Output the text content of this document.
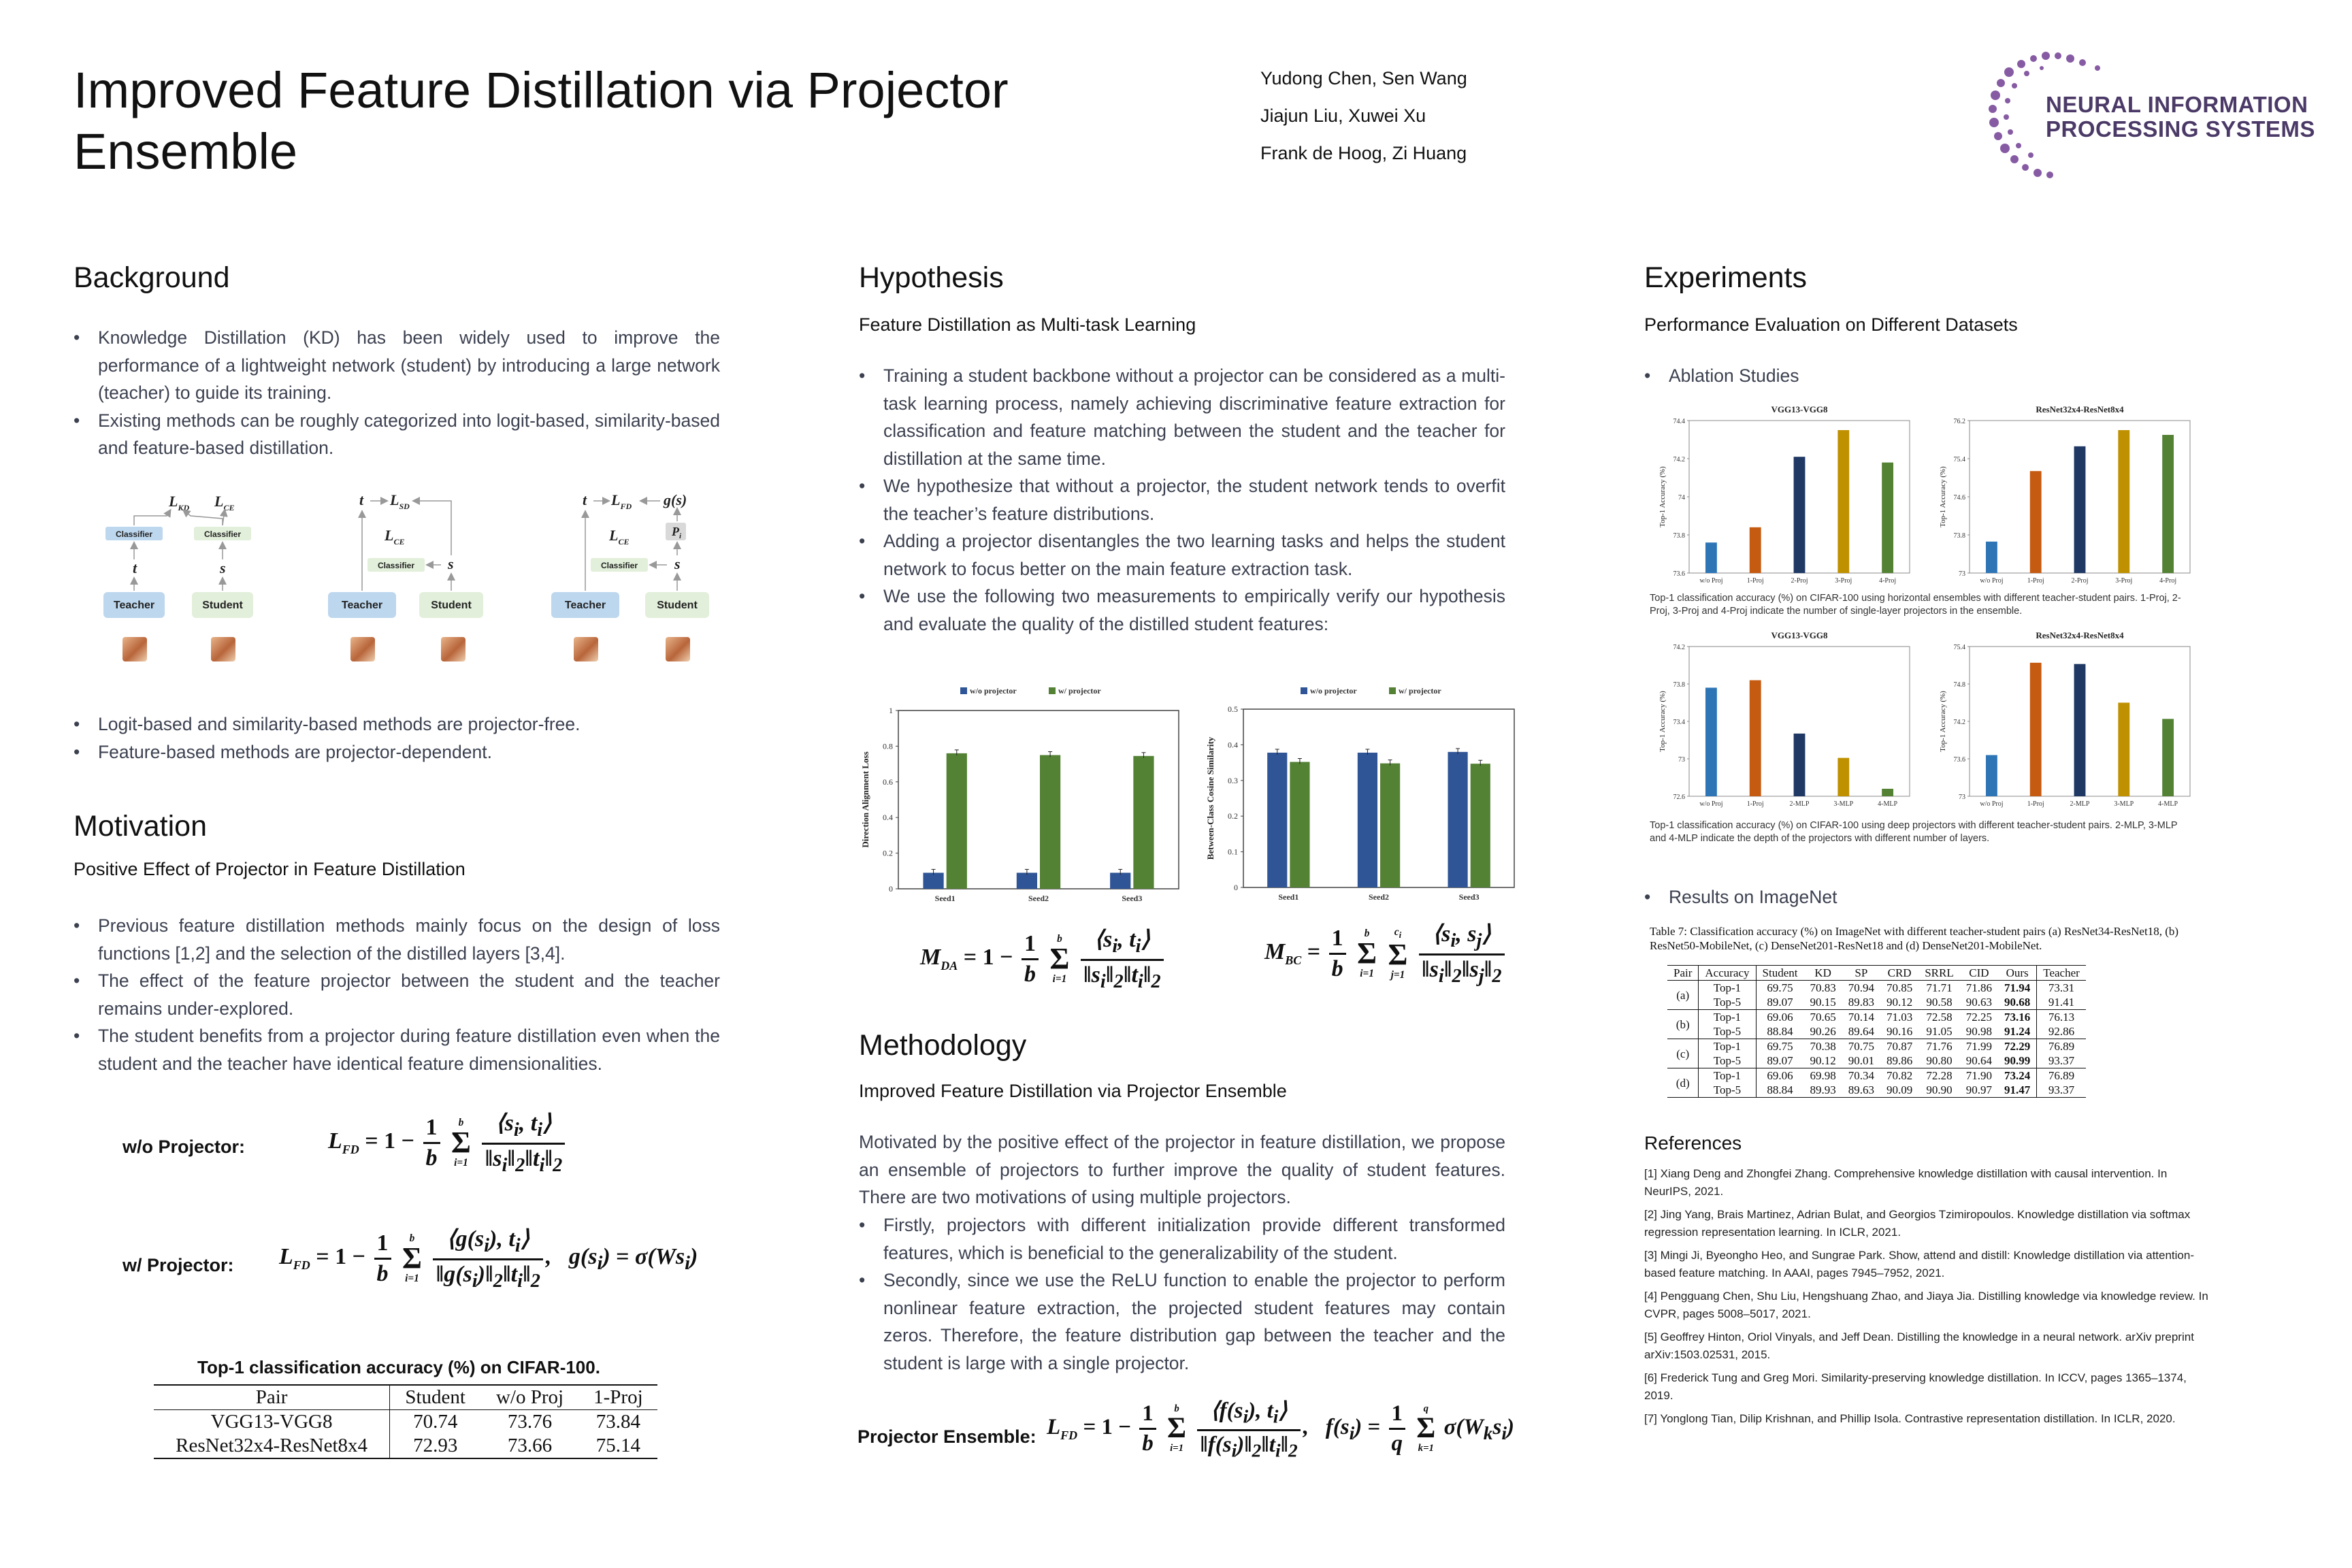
Improved Feature Distillation via Projector Ensemble
Yudong Chen, Sen Wang
Jiajun Liu, Xuwei Xu
Frank de Hoog, Zi Huang
NEURAL INFORMATION
PROCESSING SYSTEMS
Background
• Knowledge Distillation (KD) has been widely used to improve the performance of a lightweight network (student) by introducing a large network (teacher) to guide its training.
• Existing methods can be roughly categorized into logit-based, similarity-based and feature-based distillation.
Teacher	Student
Classifier	Classifier
t	s
$L_{KD}$ $L_{CE}$
Teacher	Student
Classifier
t
s
$L_{SD}$
$L_{CE}$
Teacher	Student
Classifier
$P_i$
t
s
$L_{FD}$ g(s)
$L_{CE}$
• Logit-based and similarity-based methods are projector-free.
• Feature-based methods are projector-dependent.
Motivation
Positive Effect of Projector in Feature Distillation
• Previous feature distillation methods mainly focus on the design of loss functions [1,2] and the selection of the distilled layers [3,4].
• The effect of the feature projector between the student and the teacher remains under-explored.
• The student benefits from a projector during feature distillation even when the student and the teacher have identical feature dimensionalities.
w/o Projector:	$L_{FD} = 1 - \frac{1}{b}$
	b
Σ
i=1
$\frac{⟨s_i, t_i⟩}{‖s_i‖_2‖t_i‖_2}$
w/ Projector: $L_{FD} = 1 - \frac{1}{b}$
	b
Σ
i=1
$\frac{⟨g(s_i), t_i⟩}{‖g(s_i)‖_2‖t_i‖_2}$ ,   $g(s_i) = \sigma(Ws_i)$
Top-1 classification accuracy (%) on CIFAR-100.
Pair	Student	w/o Proj	1-Proj
VGG13-VGG8	70.74	73.76	73.84
ResNet32x4-ResNet8x4	72.93	73.66	75.14
Hypothesis
Feature Distillation as Multi-task Learning
• Training a student backbone without a projector can be considered as a multi-task learning process, namely achieving discriminative feature extraction for classification and feature matching between the student and the teacher for distillation at the same time.
• We hypothesize that without a projector, the student network tends to overfit the teacher’s feature distributions.
• Adding a projector disentangles the two learning tasks and helps the student network to focus better on the main feature extraction task.
• We use the following two measurements to empirically verify our hypothesis and evaluate the quality of the distilled student features:
0
0.2
0.4
0.6
0.8
1
Direction Alignment Loss
w/o projector	w/ projector
Seed1	Seed2	Seed3
0
0.1
0.2
0.3
0.4
0.5
Between-Class Cosine Similarity
w/o projector	w/ projector
Seed1	Seed2	Seed3
$M_{DA} = 1 - \frac{1}{b}$
	b
Σ
i=1
$\frac{⟨s_i, t_i⟩}{‖s_i‖_2‖t_i‖_2}$	$M_{BC} = \frac{1}{b}$
	b
Σ
i=1

$c_i$
Σ
j=1
$\frac{⟨s_i, s_j⟩}{‖s_i‖_2‖s_j‖_2}$
Methodology
Improved Feature Distillation via Projector Ensemble
Motivated by the positive effect of the projector in feature distillation, we propose an ensemble of projectors to further improve the quality of student features. There are two motivations of using multiple projectors.
• Firstly, projectors with different initialization provide different transformed features, which is beneficial to the generalizability of the student.
• Secondly, since we use the ReLU function to enable the projector to perform nonlinear feature extraction, the projected student features may contain zeros. Therefore, the feature distribution gap between the teacher and the student is large with a single projector.
Projector Ensemble: $L_{FD} = 1 - \frac{1}{b}$
	b
Σ
i=1
$\frac{⟨f(s_i), t_i⟩}{‖f(s_i)‖_2‖t_i‖_2}$ ,   $f(s_i) = \frac{1}{q}$
	q
Σ
k=1
$\sigma(W_ks_i)$
Experiments
Performance Evaluation on Different Datasets
• Ablation Studies
VGG13-VGG8
73.6
73.8
74
74.2
74.4
Top-1 Accuracy (%)
w/o Proj	1-Proj	2-Proj	3-Proj	4-Proj
ResNet32x4-ResNet8x4
73
73.8
74.6
75.4
76.2
Top-1 Accuracy (%)
w/o Proj	1-Proj	2-Proj	3-Proj	4-Proj
Top-1 classification accuracy (%) on CIFAR-100 using horizontal ensembles with different teacher-student pairs. 1-Proj, 2-Proj, 3-Proj and 4-Proj indicate the number of single-layer projectors in the ensemble.
VGG13-VGG8
72.6
73
73.4
73.8
74.2
Top-1 Accuracy (%)
w/o Proj	1-Proj	2-MLP	3-MLP	4-MLP
ResNet32x4-ResNet8x4
73
73.6
74.2
74.8
75.4
Top-1 Accuracy (%)
w/o Proj	1-Proj	2-MLP	3-MLP	4-MLP
Top-1 classification accuracy (%) on CIFAR-100 using deep projectors with different teacher-student pairs. 2-MLP, 3-MLP and 4-MLP indicate the depth of the projectors with different number of layers.
• Results on ImageNet
Table 7: Classification accuracy (%) on ImageNet with different teacher-student pairs (a) ResNet34-ResNet18, (b) ResNet50-MobileNet, (c) DenseNet201-ResNet18 and (d) DenseNet201-MobileNet.
Pair	Accuracy	Student	KD	SP	CRD	SRRL	CID	Ours	Teacher
(a)	Top-1	69.75	70.83	70.94	70.85	71.71	71.86	71.94	73.31
	Top-5	89.07	90.15	89.83	90.12	90.58	90.63	90.68	91.41
(b)	Top-1	69.06	70.65	70.14	71.03	72.58	72.25	73.16	76.13
	Top-5	88.84	90.26	89.64	90.16	91.05	90.98	91.24	92.86
(c)	Top-1	69.75	70.38	70.75	70.87	71.76	71.99	72.29	76.89
	Top-5	89.07	90.12	90.01	89.86	90.80	90.64	90.99	93.37
(d)	Top-1	69.06	69.98	70.34	70.82	72.28	71.90	73.24	76.89
	Top-5	88.84	89.93	89.63	90.09	90.90	90.97	91.47	93.37
References

[1] Xiang Deng and Zhongfei Zhang. Comprehensive knowledge distillation with causal intervention. In NeurIPS, 2021.

[2] Jing Yang, Brais Martinez, Adrian Bulat, and Georgios Tzimiropoulos. Knowledge distillation via softmax regression representation learning. In ICLR, 2021.

[3] Mingi Ji, Byeongho Heo, and Sungrae Park. Show, attend and distill: Knowledge distillation via attention-based feature matching. In AAAI, pages 7945–7952, 2021.

[4] Pengguang Chen, Shu Liu, Hengshuang Zhao, and Jiaya Jia. Distilling knowledge via knowledge review. In CVPR, pages 5008–5017, 2021.

[5] Geoffrey Hinton, Oriol Vinyals, and Jeff Dean. Distilling the knowledge in a neural network. arXiv preprint arXiv:1503.02531, 2015.

[6] Frederick Tung and Greg Mori. Similarity-preserving knowledge distillation. In ICCV, pages 1365–1374, 2019.

[7] Yonglong Tian, Dilip Krishnan, and Phillip Isola. Contrastive representation distillation. In ICLR, 2020.
